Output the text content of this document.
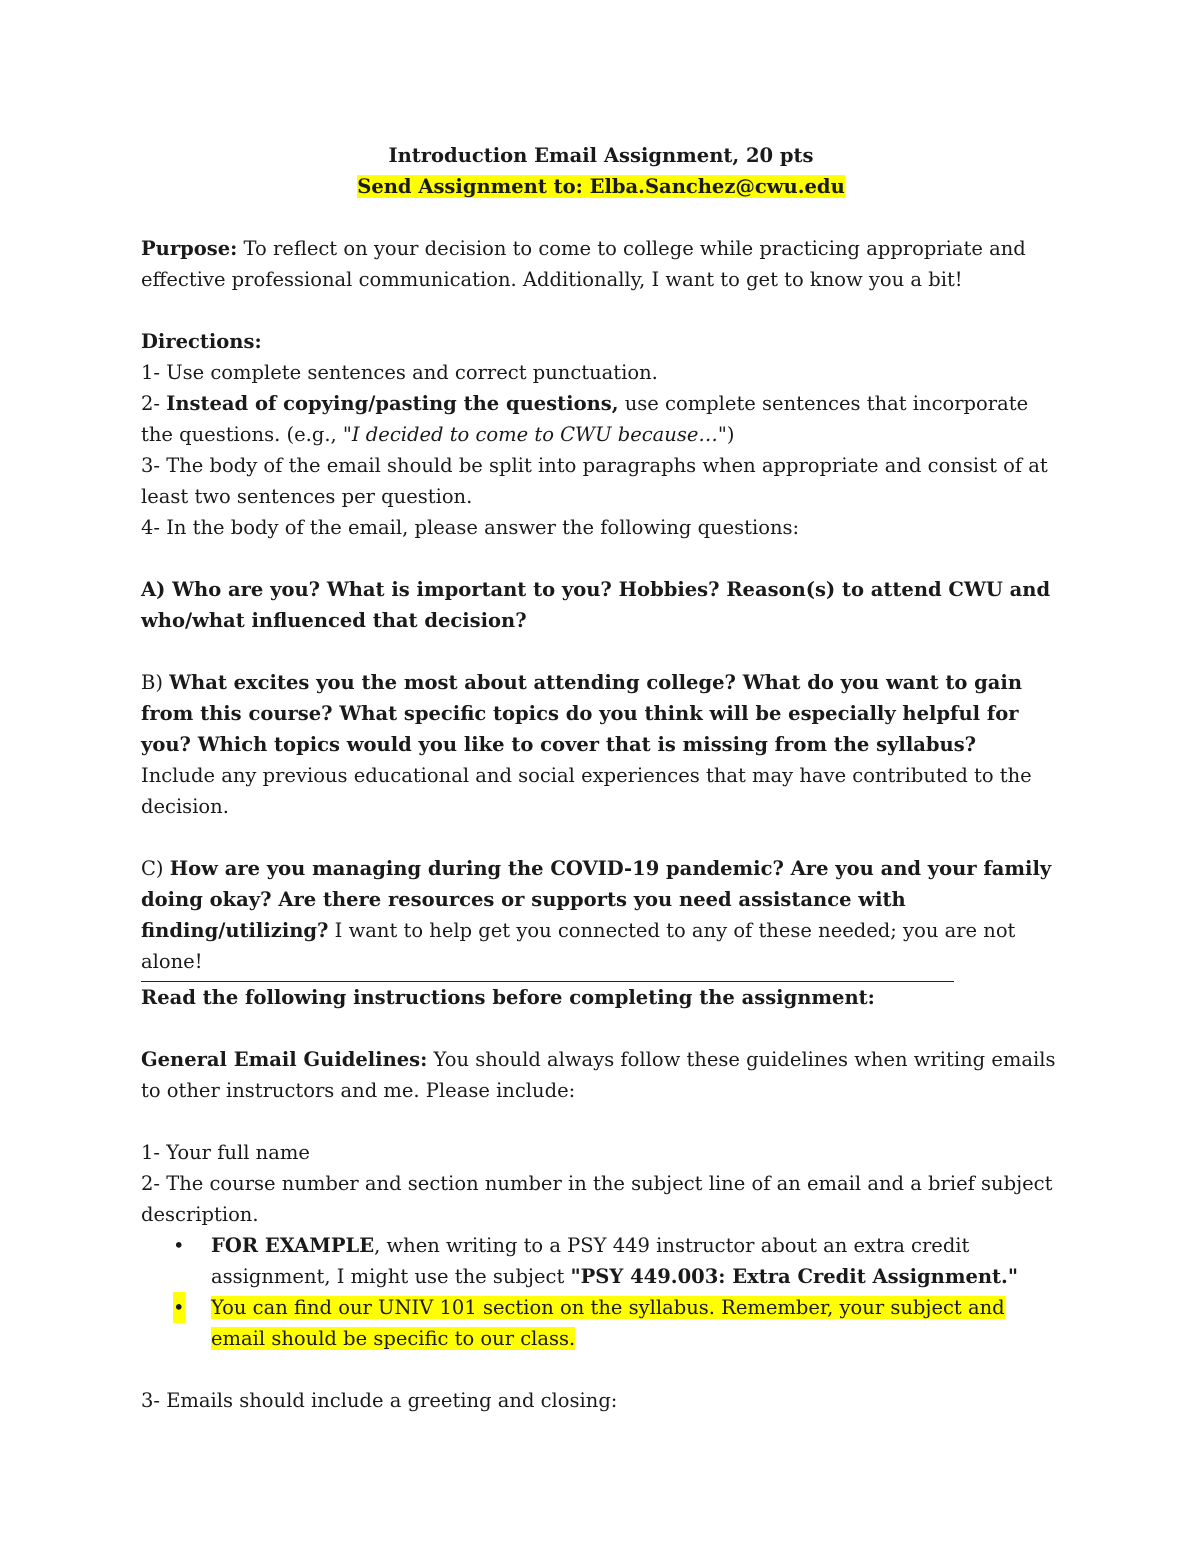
Introduction Email Assignment, 20 pts
Send Assignment to: Elba.Sanchez@cwu.edu

Purpose: To reflect on your decision to come to college while practicing appropriate and effective professional communication. Additionally, I want to get to know you a bit!

Directions:
1- Use complete sentences and correct punctuation.

2- Instead of copying/pasting the questions, use complete sentences that incorporate the questions. (e.g., "I decided to come to CWU because…")

3- The body of the email should be split into paragraphs when appropriate and consist of at least two sentences per question.

4- In the body of the email, please answer the following questions:

A) Who are you? What is important to you? Hobbies? Reason(s) to attend CWU and who/what influenced that decision?

B) What excites you the most about attending college? What do you want to gain from this course? What specific topics do you think will be especially helpful for you? Which topics would you like to cover that is missing from the syllabus?

Include any previous educational and social experiences that may have contributed to the decision.

C) How are you managing during the COVID-19 pandemic? Are you and your family doing okay? Are there resources or supports you need assistance with finding/utilizing? I want to help get you connected to any of these needed; you are not alone!

Read the following instructions before completing the assignment:

General Email Guidelines: You should always follow these guidelines when writing emails to other instructors and me. Please include:

1- Your full name

2- The course number and section number in the subject line of an email and a brief subject description.

• FOR EXAMPLE, when writing to a PSY 449 instructor about an extra credit assignment, I might use the subject "PSY 449.003: Extra Credit Assignment."
• You can find our UNIV 101 section on the syllabus. Remember, your subject and email should be specific to our class.
3- Emails should include a greeting and closing:
